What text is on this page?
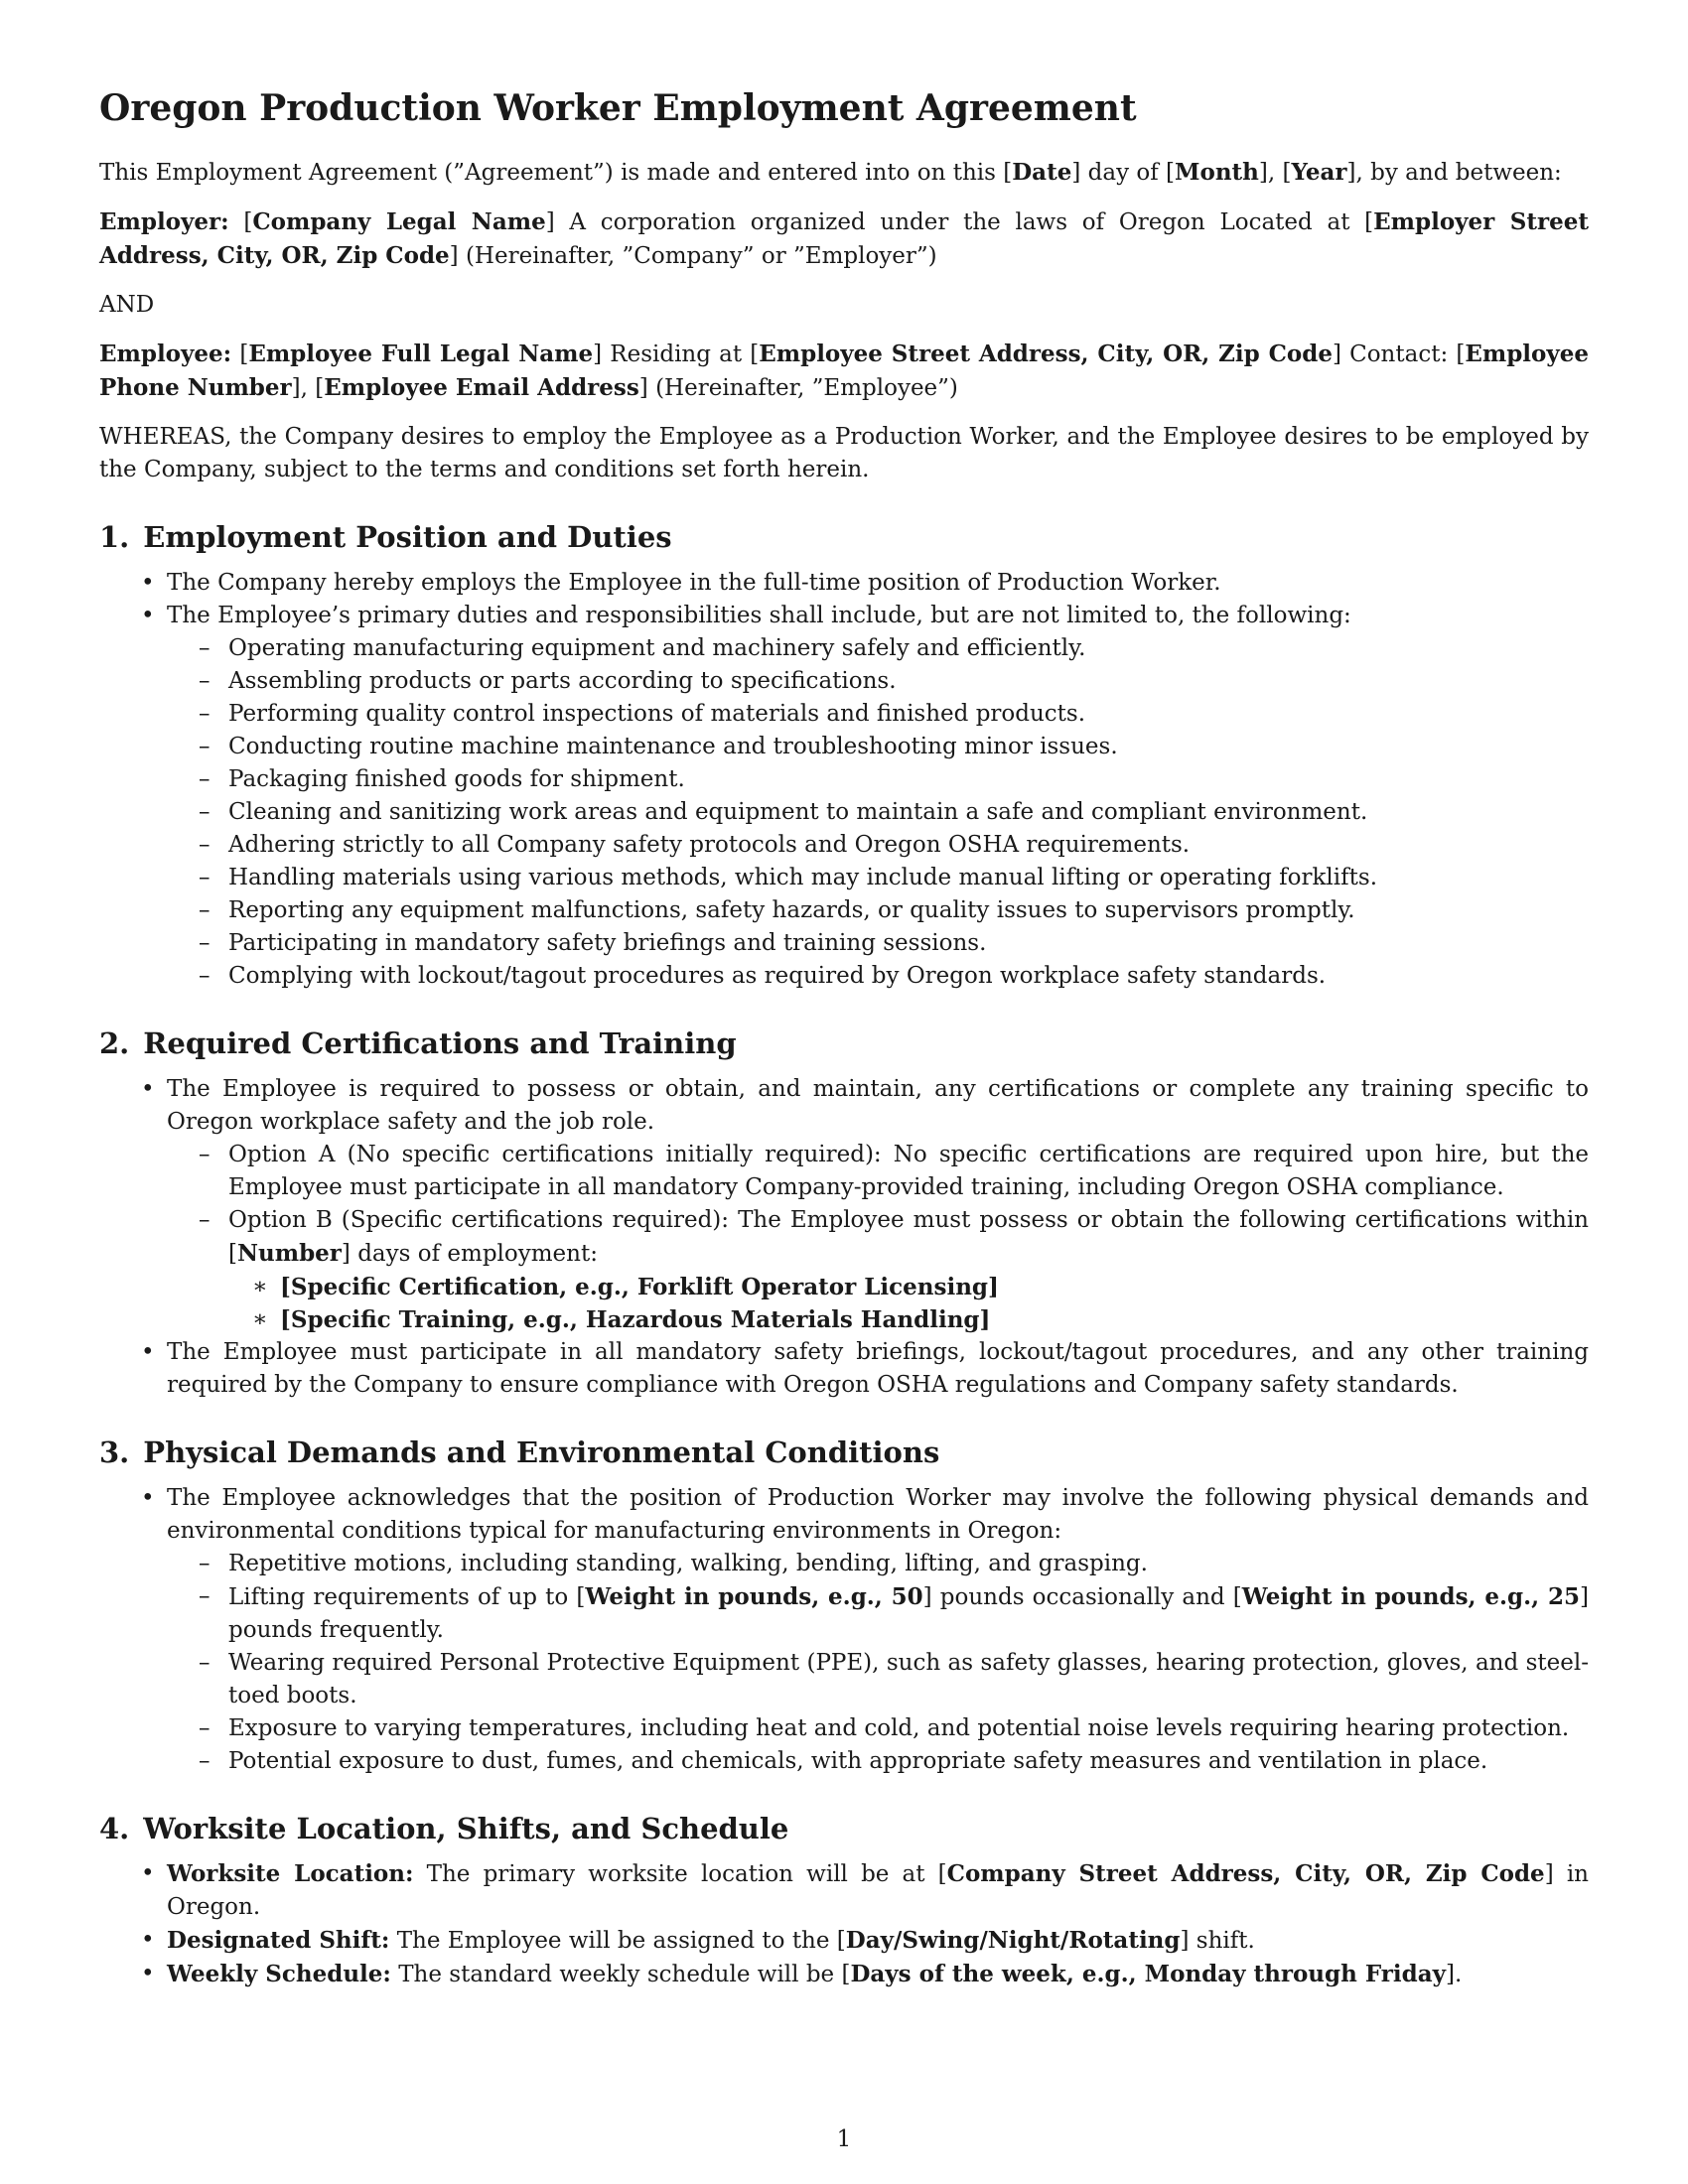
Oregon Production Worker Employment Agreement

This Employment Agreement (”Agreement”) is made and entered into on this [Date] day of [Month], [Year], by and between:

Employer: [Company Legal Name] A corporation organized under the laws of Oregon Located at [Employer Street Address, City, OR, Zip Code] (Hereinafter, ”Company” or ”Employer”)

AND

Employee: [Employee Full Legal Name] Residing at [Employee Street Address, City, OR, Zip Code] Contact: [Employee Phone Number], [Employee Email Address] (Hereinafter, ”Employee”)

WHEREAS, the Company desires to employ the Employee as a Production Worker, and the Employee desires to be employed by the Company, subject to the terms and conditions set forth herein.

1. Employment Position and Duties
• The Company hereby employs the Employee in the full-time position of Production Worker.
• The Employee’s primary duties and responsibilities shall include, but are not limited to, the following:
– Operating manufacturing equipment and machinery safely and efficiently.
– Assembling products or parts according to specifications.
– Performing quality control inspections of materials and finished products.
– Conducting routine machine maintenance and troubleshooting minor issues.
– Packaging finished goods for shipment.
– Cleaning and sanitizing work areas and equipment to maintain a safe and compliant environment.
– Adhering strictly to all Company safety protocols and Oregon OSHA requirements.
– Handling materials using various methods, which may include manual lifting or operating forklifts.
– Reporting any equipment malfunctions, safety hazards, or quality issues to supervisors promptly.
– Participating in mandatory safety briefings and training sessions.
– Complying with lockout/tagout procedures as required by Oregon workplace safety standards.
2. Required Certifications and Training
• The Employee is required to possess or obtain, and maintain, any certifications or complete any training specific to Oregon workplace safety and the job role.
– Option A (No specific certifications initially required): No specific certifications are required upon hire, but the Employee must participate in all mandatory Company-provided training, including Oregon OSHA compliance.
– Option B (Specific certifications required): The Employee must possess or obtain the following certifications within [Number] days of employment:
∗ [Specific Certification, e.g., Forklift Operator Licensing]
∗ [Specific Training, e.g., Hazardous Materials Handling]
• The Employee must participate in all mandatory safety briefings, lockout/tagout procedures, and any other training required by the Company to ensure compliance with Oregon OSHA regulations and Company safety standards.
3. Physical Demands and Environmental Conditions
• The Employee acknowledges that the position of Production Worker may involve the following physical demands and environmental conditions typical for manufacturing environments in Oregon:
– Repetitive motions, including standing, walking, bending, lifting, and grasping.
– Lifting requirements of up to [Weight in pounds, e.g., 50] pounds occasionally and [Weight in pounds, e.g., 25] pounds frequently.
– Wearing required Personal Protective Equipment (PPE), such as safety glasses, hearing protection, gloves, and steel-toed boots.
– Exposure to varying temperatures, including heat and cold, and potential noise levels requiring hearing protection.
– Potential exposure to dust, fumes, and chemicals, with appropriate safety measures and ventilation in place.
4. Worksite Location, Shifts, and Schedule
• Worksite Location: The primary worksite location will be at [Company Street Address, City, OR, Zip Code] in Oregon.
• Designated Shift: The Employee will be assigned to the [Day/Swing/Night/Rotating] shift.
• Weekly Schedule: The standard weekly schedule will be [Days of the week, e.g., Monday through Friday].
1
